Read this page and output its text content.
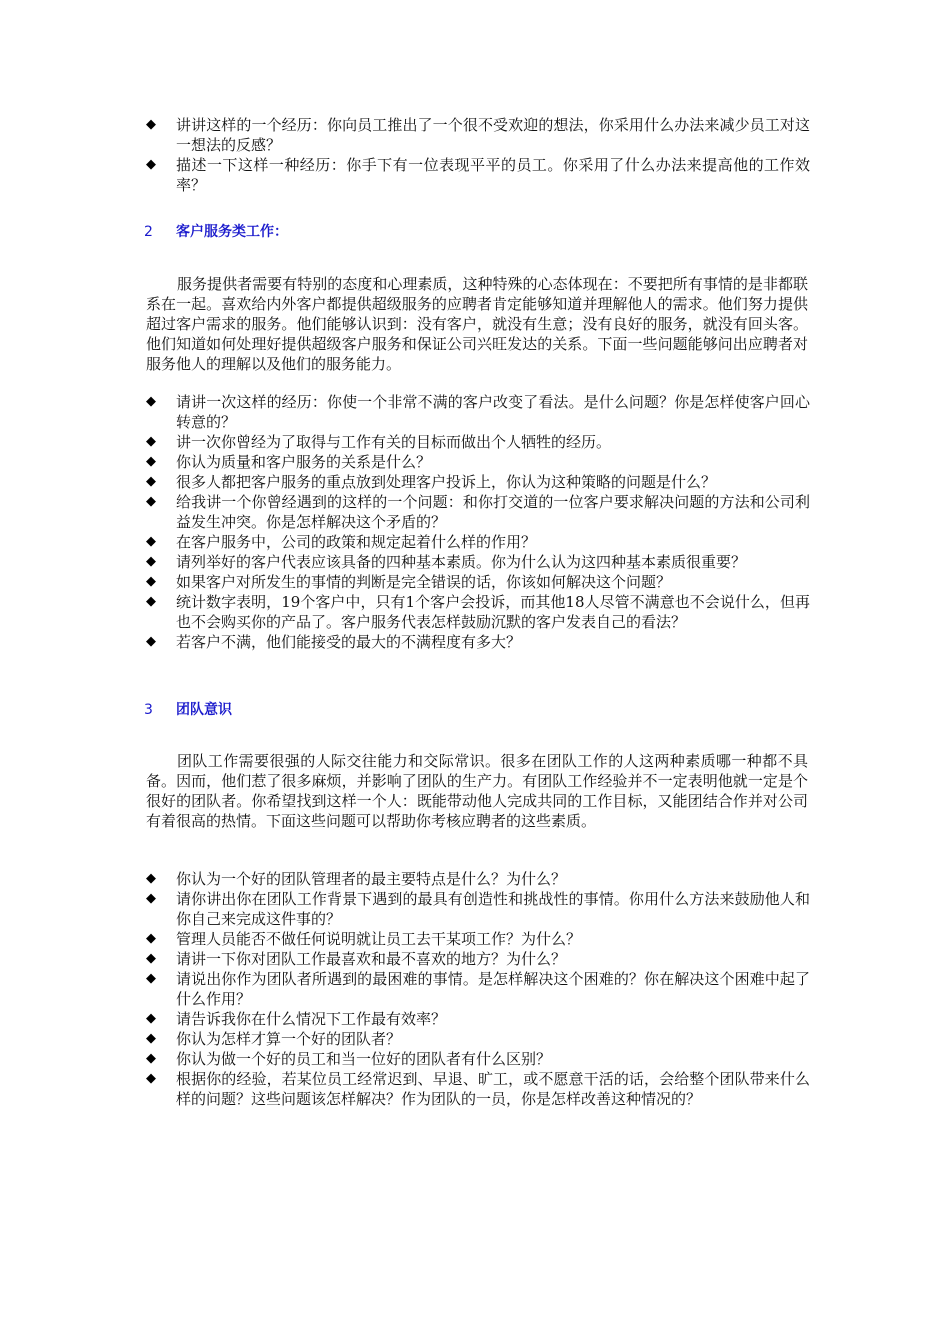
◆	讲讲这样的一个经历：你向员工推出了一个很不受欢迎的想法，你采用什么办法来减少员工对这一想法的反感？
◆	描述一下这样一种经历：你手下有一位表现平平的员工。你采用了什么办法来提高他的工作效率？
2	客户服务类工作：

服务提供者需要有特别的态度和心理素质，这种特殊的心态体现在：不要把所有事情的是非都联系在一起。喜欢给内外客户都提供超级服务的应聘者肯定能够知道并理解他人的需求。他们努力提供超过客户需求的服务。他们能够认识到：没有客户，就没有生意；没有良好的服务，就没有回头客。他们知道如何处理好提供超级客户服务和保证公司兴旺发达的关系。下面一些问题能够问出应聘者对服务他人的理解以及他们的服务能力。

◆	请讲一次这样的经历：你使一个非常不满的客户改变了看法。是什么问题？你是怎样使客户回心转意的？
◆	讲一次你曾经为了取得与工作有关的目标而做出个人牺牲的经历。
◆	你认为质量和客户服务的关系是什么？
◆	很多人都把客户服务的重点放到处理客户投诉上，你认为这种策略的问题是什么？
◆	给我讲一个你曾经遇到的这样的一个问题：和你打交道的一位客户要求解决问题的方法和公司利益发生冲突。你是怎样解决这个矛盾的？
◆	在客户服务中，公司的政策和规定起着什么样的作用？
◆	请列举好的客户代表应该具备的四种基本素质。你为什么认为这四种基本素质很重要？
◆	如果客户对所发生的事情的判断是完全错误的话，你该如何解决这个问题？
◆	统计数字表明，19个客户中，只有1个客户会投诉，而其他18人尽管不满意也不会说什么，但再也不会购买你的产品了。客户服务代表怎样鼓励沉默的客户发表自己的看法？
◆	若客户不满，他们能接受的最大的不满程度有多大？
3	团队意识

团队工作需要很强的人际交往能力和交际常识。很多在团队工作的人这两种素质哪一种都不具备。因而，他们惹了很多麻烦，并影响了团队的生产力。有团队工作经验并不一定表明他就一定是个很好的团队者。你希望找到这样一个人：既能带动他人完成共同的工作目标，又能团结合作并对公司有着很高的热情。下面这些问题可以帮助你考核应聘者的这些素质。

◆	你认为一个好的团队管理者的最主要特点是什么？为什么？
◆	请你讲出你在团队工作背景下遇到的最具有创造性和挑战性的事情。你用什么方法来鼓励他人和你自己来完成这件事的？
◆	管理人员能否不做任何说明就让员工去干某项工作？为什么？
◆	请讲一下你对团队工作最喜欢和最不喜欢的地方？为什么？
◆	请说出你作为团队者所遇到的最困难的事情。是怎样解决这个困难的？你在解决这个困难中起了什么作用？
◆	请告诉我你在什么情况下工作最有效率？
◆	你认为怎样才算一个好的团队者？
◆	你认为做一个好的员工和当一位好的团队者有什么区别？
◆	根据你的经验，若某位员工经常迟到、早退、旷工，或不愿意干活的话，会给整个团队带来什么样的问题？这些问题该怎样解决？作为团队的一员，你是怎样改善这种情况的？
